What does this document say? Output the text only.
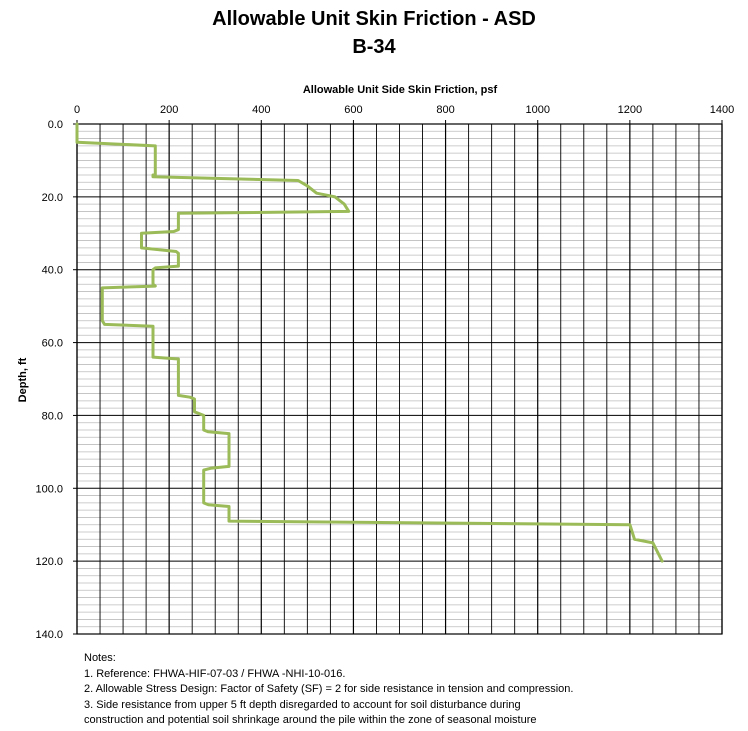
Allowable Unit Skin Friction - ASD
B-34
0	200	400	600	800	1000	1200	1400
0.0
20.0
40.0
60.0
80.0
100.0
120.0
140.0
Allowable Unit Side Skin Friction, psf
Depth, ft
Notes:
1. Reference: FHWA-HIF-07-03 / FHWA -NHI-10-016.
2. Allowable Stress Design: Factor of Safety (SF) = 2 for side resistance in tension and compression.
3. Side resistance from upper 5 ft depth disregarded to account for soil disturbance during
construction and potential soil shrinkage around the pile within the zone of seasonal moisture
